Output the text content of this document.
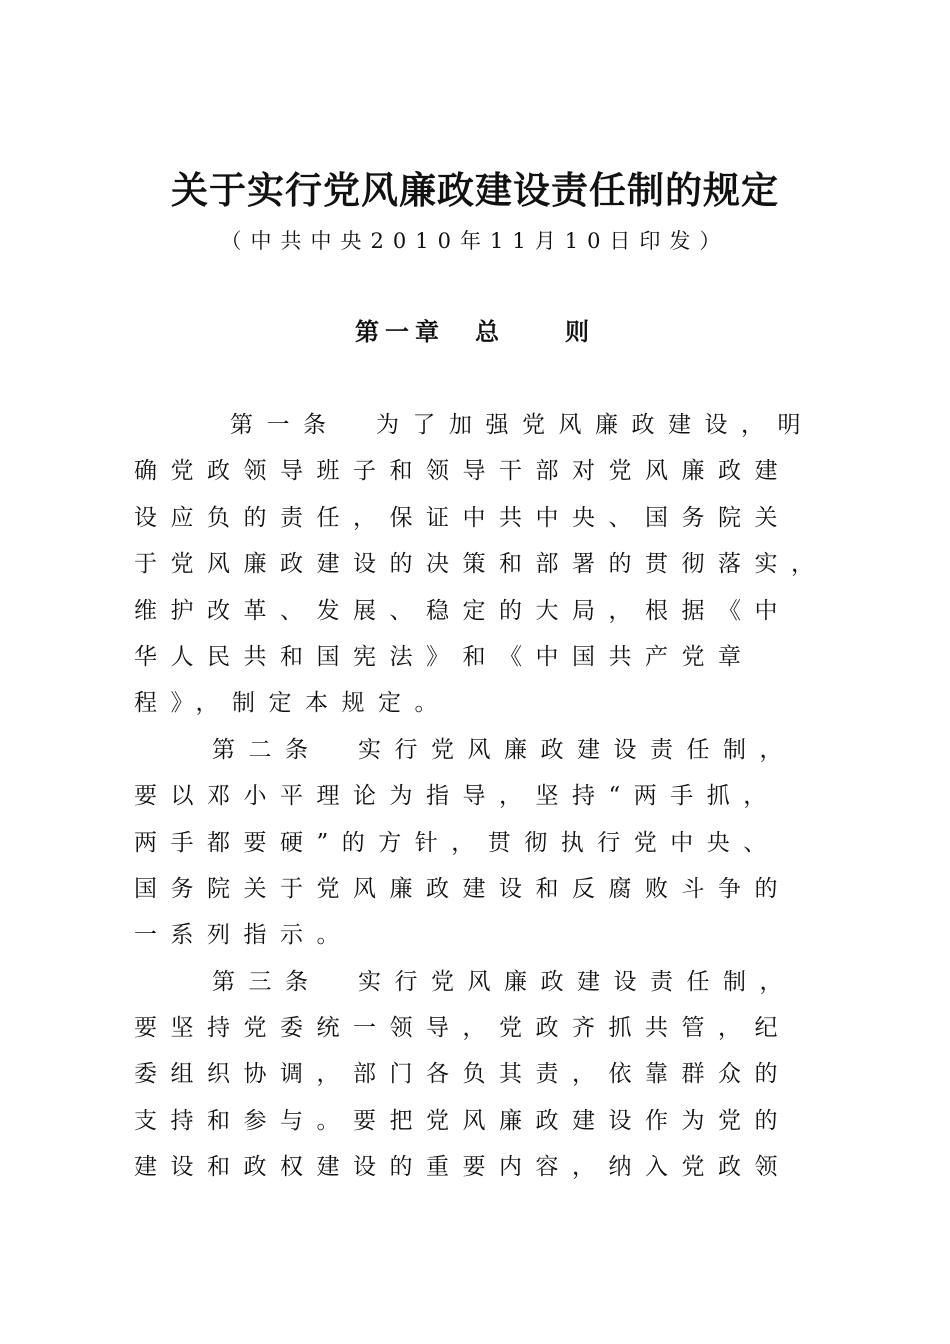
关于实行党风廉政建设责任制的规定
（中共中央2010年11月10日印发）
第一章　总　　则
第一条　为了加强党风廉政建设，明
确党政领导班子和领导干部对党风廉政建
设应负的责任，保证中共中央、国务院关
于党风廉政建设的决策和部署的贯彻落实，
维护改革、发展、稳定的大局，根据《中
华人民共和国宪法》和《中国共产党章
程》，制定本规定。
第二条　实行党风廉政建设责任制，
要以邓小平理论为指导，坚持“两手抓，
两手都要硬”的方针，贯彻执行党中央、
国务院关于党风廉政建设和反腐败斗争的
一系列指示。
第三条　实行党风廉政建设责任制，
要坚持党委统一领导，党政齐抓共管，纪
委组织协调，部门各负其责，依靠群众的
支持和参与。要把党风廉政建设作为党的
建设和政权建设的重要内容，纳入党政领
